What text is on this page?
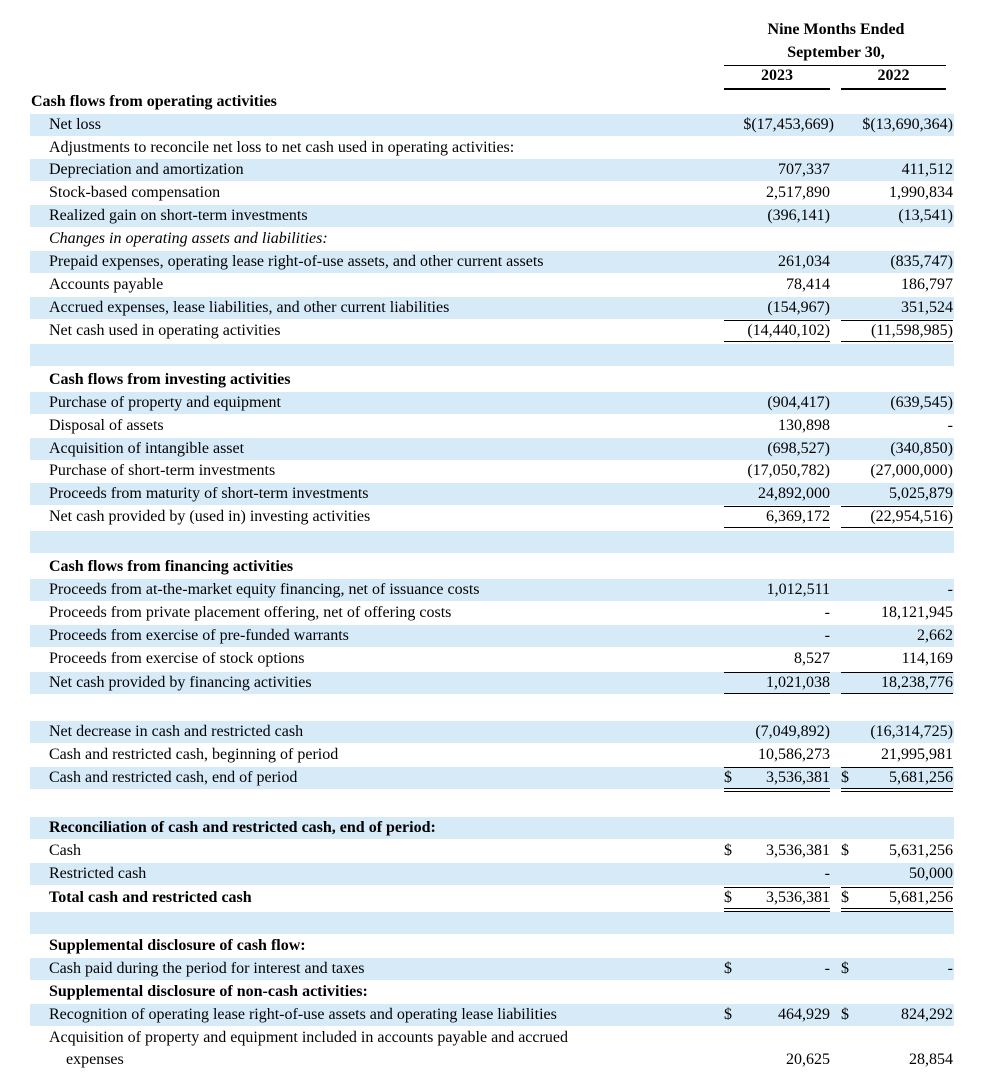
Nine Months Ended
September 30,
2023	2022
Cash flows from operating activities
Net loss	$(17,453,669) $(13,690,364)
Adjustments to reconcile net loss to net cash used in operating activities:
Depreciation and amortization	707,337	411,512
Stock-based compensation	2,517,890	1,990,834
Realized gain on short-term investments	(396,141)	(13,541)
Changes in operating assets and liabilities:
Prepaid expenses, operating lease right-of-use assets, and other current assets	261,034	(835,747)
Accounts payable	78,414	186,797
Accrued expenses, lease liabilities, and other current liabilities	(154,967)	351,524
Net cash used in operating activities	(14,440,102)	(11,598,985)
Cash flows from investing activities
Purchase of property and equipment	(904,417)	(639,545)
Disposal of assets	130,898	-
Acquisition of intangible asset	(698,527)	(340,850)
Purchase of short-term investments	(17,050,782)	(27,000,000)
Proceeds from maturity of short-term investments	24,892,000	5,025,879
Net cash provided by (used in) investing activities	6,369,172	(22,954,516)
Cash flows from financing activities
Proceeds from at-the-market equity financing, net of issuance costs	1,012,511	-
Proceeds from private placement offering, net of offering costs	-	18,121,945
Proceeds from exercise of pre-funded warrants	-	2,662
Proceeds from exercise of stock options	8,527	114,169
Net cash provided by financing activities	1,021,038	18,238,776
Net decrease in cash and restricted cash	(7,049,892)	(16,314,725)
Cash and restricted cash, beginning of period	10,586,273	21,995,981
Cash and restricted cash, end of period	$ 3,536,381 $	5,681,256
Reconciliation of cash and restricted cash, end of period:
Cash	$ 3,536,381 $	5,631,256
Restricted cash	-	50,000
Total cash and restricted cash	$ 3,536,381 $	5,681,256
Supplemental disclosure of cash flow:
Cash paid during the period for interest and taxes	$	- $	-
Supplemental disclosure of non-cash activities:
Recognition of operating lease right-of-use assets and operating lease liabilities	$	464,929 $	824,292
Acquisition of property and equipment included in accounts payable and accrued
expenses	20,625	28,854
